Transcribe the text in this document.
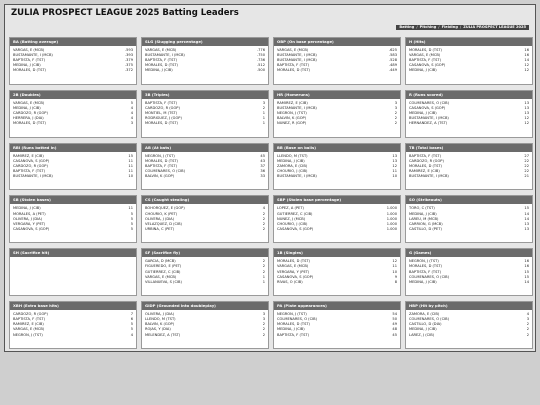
ZULIA PROSPECT LEAGUE 2025 Batting Leaders
Batting / Pitching / Fielding / ZULIA PROSPECT LEAGUE 2025
BA (Batting average)
VARGAS, E (MCB)	.593
BUSTAMANTE, I (MCB)	.393
BAPTISTA, F (TST)	.379
MEDINA, J (CIB)	.375
MORALES, D (TST)	.372
SLG (Slugging percentage)
VARGAS, E (MCB)	.776
BUSTAMANTE, I (MCB)	.750
BAPTISTA, F (TST)	.736
MORALES, D (TST)	.512
MEDINA, J (CIB)	.500
OBP (On base percentage)
VARGAS, E (MCB)	.625
BUSTAMANTE, I (MCB)	.583
BUSTAMANTE, I (MCB)	.528
BAPTISTA, F (TST)	.489
MORALES, D (TST)	.449
H (Hits)
MORALES, D (TST)	16
VARGAS, E (MCB)	16
BAPTISTA, F (TST)	14
CASANOVA, S (GOP)	12
MEDINA, J (CIB)	12
2B (Doubles)
VARGAS, E (MCB)	5
MEDINA, J (CIB)	4
CARDOZO, R (GOP)	4
HERRERA, J (DIA)	4
MORALES, D (TST)	3
3B (Triples)
BAPTISTA, F (TST)	3
CARDOZO, R (GOP)	2
MONTIEL, M (TST)	1
RODRIGUEZ, J (GOP)	1
MORALES, D (TST)	1
HR (Homeruns)
RAMIREZ, E (CIB)	3
BUSTAMANTE, I (MCB)	3
NEGRON, J (TST)	2
BALVIN, K (GOP)	2
NUNEZ, R (GOP)	2
R (Runs scored)
COLMENARES, O (CIB)	13
CASANOVA, S (GOP)	13
MEDINA, J (CIB)	13
BUSTAMANTE, I (MCB)	12
HERNANDEZ, A (TST)	12
RBI (Runs batted in)
RAMIREZ, E (CIB)	15
CASANOVA, S (GOP)	11
CARDOZO, R (GOP)	11
BAPTISTA, F (TST)	11
BUSTAMANTE, I (MCB)	10
AB (At bats)
NEGRON, J (TST)	45
MORALES, D (TST)	43
BAPTISTA, F (TST)	37
COLMENARES, O (CIB)	36
BALVIN, K (GOP)	33
BB (Base on balls)
LLENDO, M (TST)	13
MEDINA, J (CIB)	13
ZAMORA, E (CIB)	12
CHOURIO, J (CIB)	11
BUSTAMANTE, I (MCB)	10
TB (Total bases)
BAPTISTA, F (TST)	27
CARDOZO, R (GOP)	22
MORALES, D (TST)	22
RAMIREZ, E (CIB)	22
BUSTAMANTE, I (MCB)	21
SB (Stolen bases)
MEDINA, J (CIB)	11
MORALES, A (PET)	5
OLIVERA, J (DIA)	5
VERGARA, Y (PET)	5
CASANOVA, S (GOP)	5
CS (Caught stealing)
BOHORQUEZ, E (GOP)	4
CHOURIO, K (PET)	2
OLIVERA, J (DIA)	2
VELAZQUEZ, D (CIB)	2
URBINA, C (PET)	2
SBP (Stolen base percentage)
LOPEZ, A (PET)	1.000
GUTIERREZ, C (CIB)	1.000
NUNEZ, J (MCB)	1.000
CHOURIO, J (CIB)	1.000
CASANOVA, S (GOP)	1.000
SO (Strikeouts)
TORO, C (TST)	15
MEDINA, J (CIB)	14
LAREU, M (MCB)	14
CARRION, G (MCB)	13
CASTILLO, D (PET)	13
SH (Sacrifice hit)	SF (Sacrifice fly)
GARCIA, D (MCB)	2
FIGUEREDO, E (PET)	2
GUTIERREZ, C (CIB)	2
VARGAS, E (MCB)	1
VILLANUEVA, S (CIB)	1
1B (Singles)
MORALES, D (TST)	12
VARGAS, E (MCB)	11
VERGARA, Y (PET)	10
CASANOVA, S (GOP)	9
RIVAS, O (CIB)	8
G (Games)
NEGRON, J (TST)	16
MORALES, D (TST)	16
BAPTISTA, F (TST)	15
COLMENARES, O (CIB)	15
MEDINA, J (CIB)	14
XBH (Extra base hits)
CARDOZO, R (GOP)	7
BAPTISTA, F (TST)	6
RAMIREZ, E (CIB)	5
VARGAS, E (MCB)	5
NEGRON, J (TST)	4
GIDP (Grounded into doubleplay)
OLIVERA, J (DIA)	3
LLENDO, M (TST)	3
BALVIN, K (GOP)	2
ROJAS, Y (DIA)	2
MELENDEZ, A (TST)	2
PA (Plate appearances)
NEGRON, J (TST)	54
COLMENARES, O (CIB)	50
MORALES, D (TST)	49
MEDINA, J (CIB)	48
BAPTISTA, F (TST)	45
HBP (Hit by pitch)
ZAMORA, E (CIB)	4
COLMENARES, O (CIB)	3
CASTILLO, D (DIA)	2
MEDINA, J (CIB)	2
LAREZ, J (CIB)	2
